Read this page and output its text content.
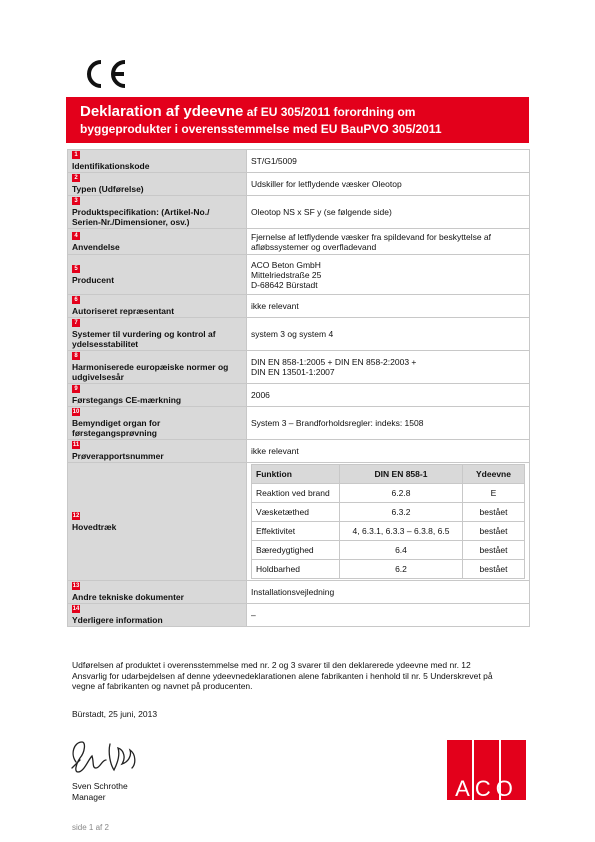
Deklaration af ydeevne af EU 305/2011 forordning om
byggeprodukter i overensstemmelse med EU BauPVO 305/2011
1Identifikationskode	ST/G1/5009
2Typen (Udførelse)	Udskiller for letflydende væsker Oleotop
3Produktspecifikation: (Artikel-No./ Serien-Nr./Dimensioner, osv.)	Oleotop NS x SF y (se følgende side)
4Anvendelse	Fjernelse af letflydende væsker fra spildevand for beskyttelse af afløbssystemer og overfladevand
5Producent	ACO Beton GmbH
Mittelriedstraße 25
D-68642 Bürstadt
6Autoriseret repræsentant	ikke relevant
7Systemer til vurdering og kontrol af ydelsesstabilitet	system 3 og system 4
8Harmoniserede europæiske normer og udgivelsesår	DIN EN 858-1:2005 + DIN EN 858-2:2003 +
DIN EN 13501-1:2007
9Førstegangs CE-mærkning	2006
10Bemyndiget organ for førstegangsprøvning	System 3 – Brandforholdsregler: indeks: 1508
11Prøverapportsnummer	ikke relevant
12Hovedtræk	
Funktion	DIN EN 858-1	Ydeevne
Reaktion ved brand	6.2.8	E
Væsketæthed	6.3.2	bestået
Effektivitet	4, 6.3.1, 6.3.3 – 6.3.8, 6.5	bestået
Bæredygtighed	6.4	bestået
Holdbarhed	6.2	bestået

13Andre tekniske dokumenter	Installationsvejledning
14Yderligere information	–
Udførelsen af produktet i overensstemmelse med nr. 2 og 3 svarer til den deklarerede ydeevne med nr. 12
Ansvarlig for udarbejdelsen af denne ydeevnedeklarationen alene fabrikanten i henhold til nr. 5 Underskrevet på
vegne af fabrikanten og navnet på producenten.
Bürstadt, 25 juni, 2013
Sven Schrothe
Manager	ACO
side 1 af 2
